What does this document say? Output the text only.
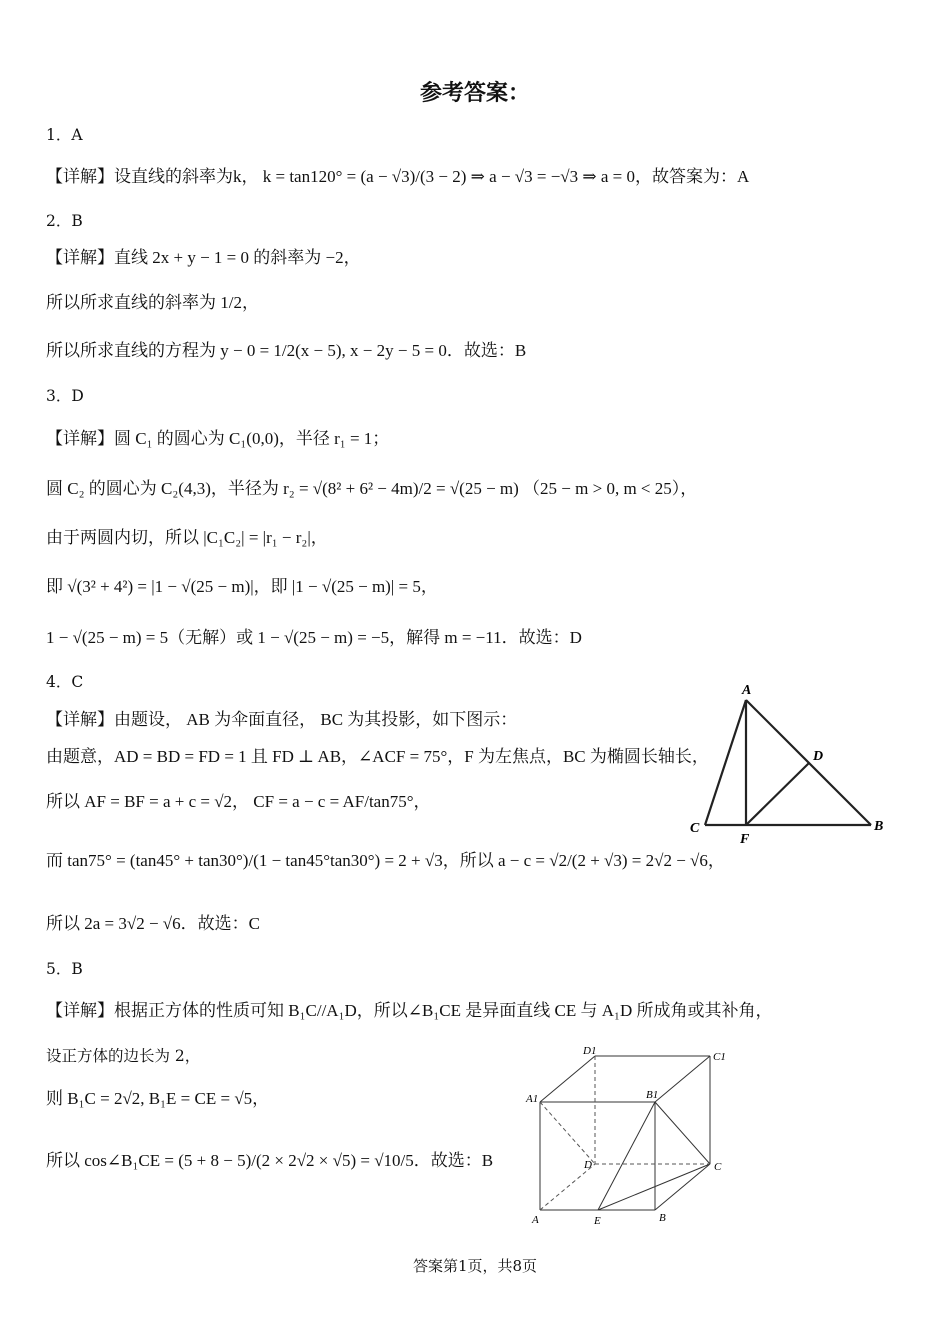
参考答案：
1．A
【详解】设直线的斜率为k， k = tan120° = (a − √3)/(3 − 2) ⇒ a − √3 = −√3 ⇒ a = 0，故答案为：A
2．B
【详解】直线 2x + y − 1 = 0 的斜率为 −2，
所以所求直线的斜率为 1/2，
所以所求直线的方程为 y − 0 = 1/2(x − 5), x − 2y − 5 = 0．故选：B
3．D
【详解】圆 C₁ 的圆心为 C₁(0,0)，半径 r₁ = 1；
圆 C₂ 的圆心为 C₂(4,3)，半径为 r₂ = √(8² + 6² − 4m)/2 = √(25 − m) （25 − m > 0, m < 25），
由于两圆内切，所以 |C₁C₂| = |r₁ − r₂|，
即 √(3² + 4²) = |1 − √(25 − m)|，即 |1 − √(25 − m)| = 5，
1 − √(25 − m) = 5（无解）或 1 − √(25 − m) = −5，解得 m = −11．故选：D
4．C
【详解】由题设， AB 为伞面直径， BC 为其投影，如下图示：
由题意，AD = BD = FD = 1 且 FD ⊥ AB，∠ACF = 75°，F 为左焦点，BC 为椭圆长轴长，
所以 AF = BF = a + c = √2， CF = a − c = AF/tan75°，
而 tan75° = (tan45° + tan30°)/(1 − tan45°tan30°) = 2 + √3，所以 a − c = √2/(2 + √3) = 2√2 − √6，
所以 2a = 3√2 − √6．故选：C
5．B
【详解】根据正方体的性质可知 B₁C//A₁D，所以∠B₁CE 是异面直线 CE 与 A₁D 所成角或其补角，
设正方体的边长为 2，
则 B₁C = 2√2, B₁E = CE = √5，
所以 cos∠B₁CE = (5 + 8 − 5)/(2 × 2√2 × √5) = √10/5．故选：B
A
D
C
F
B
D1	C1
A1	B1
D	C
A	E	B
答案第1页，共8页
